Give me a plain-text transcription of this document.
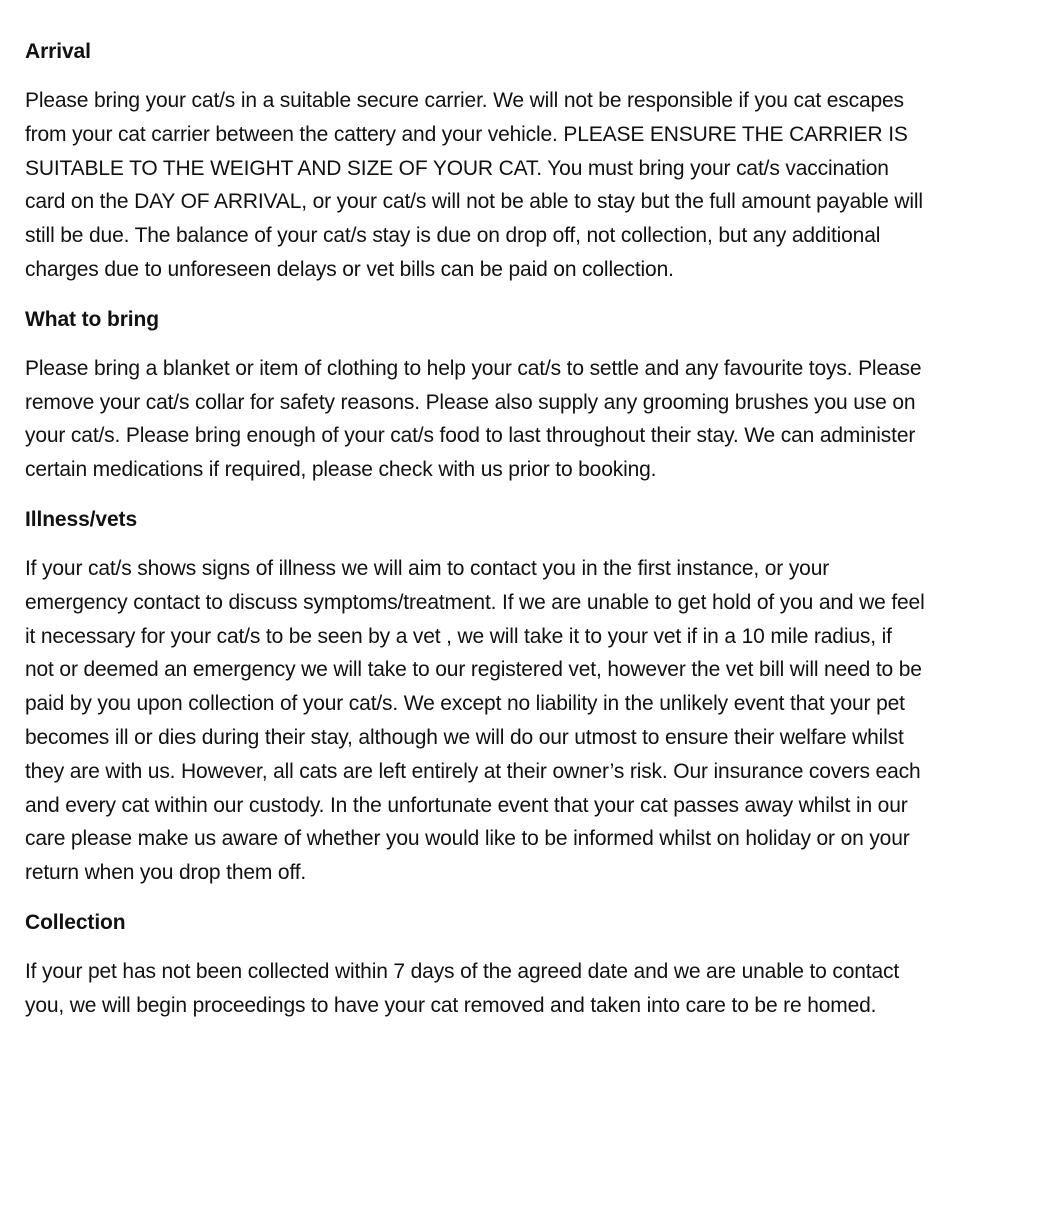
Arrival
Please bring your cat/s in a suitable secure carrier. We will not be responsible if you cat escapes from your cat carrier between the cattery and your vehicle. PLEASE ENSURE THE CARRIER IS SUITABLE TO THE WEIGHT AND SIZE OF YOUR CAT. You must bring your cat/s vaccination card on the DAY OF ARRIVAL, or your cat/s will not be able to stay but the full amount payable will still be due. The balance of your cat/s stay is due on drop off, not collection, but any additional charges due to unforeseen delays or vet bills can be paid on collection.
What to bring
Please bring a blanket or item of clothing to help your cat/s to settle and any favourite toys. Please remove your cat/s collar for safety reasons. Please also supply any grooming brushes you use on your cat/s. Please bring enough of your cat/s food to last throughout their stay. We can administer certain medications if required, please check with us prior to booking.
Illness/vets
If your cat/s shows signs of illness we will aim to contact you in the first instance, or your emergency contact to discuss symptoms/treatment. If we are unable to get hold of you and we feel it necessary for your cat/s to be seen by a vet , we will take it to your vet if in a 10 mile radius, if not or deemed an emergency we will take to our registered vet, however the vet bill will need to be paid by you upon collection of your cat/s. We except no liability in the unlikely event that your pet becomes ill or dies during their stay, although we will do our utmost to ensure their welfare whilst they are with us. However, all cats are left entirely at their owner’s risk. Our insurance covers each and every cat within our custody. In the unfortunate event that your cat passes away whilst in our care please make us aware of whether you would like to be informed whilst on holiday or on your return when you drop them off.
Collection
If your pet has not been collected within 7 days of the agreed date and we are unable to contact you, we will begin proceedings to have your cat removed and taken into care to be re homed.
